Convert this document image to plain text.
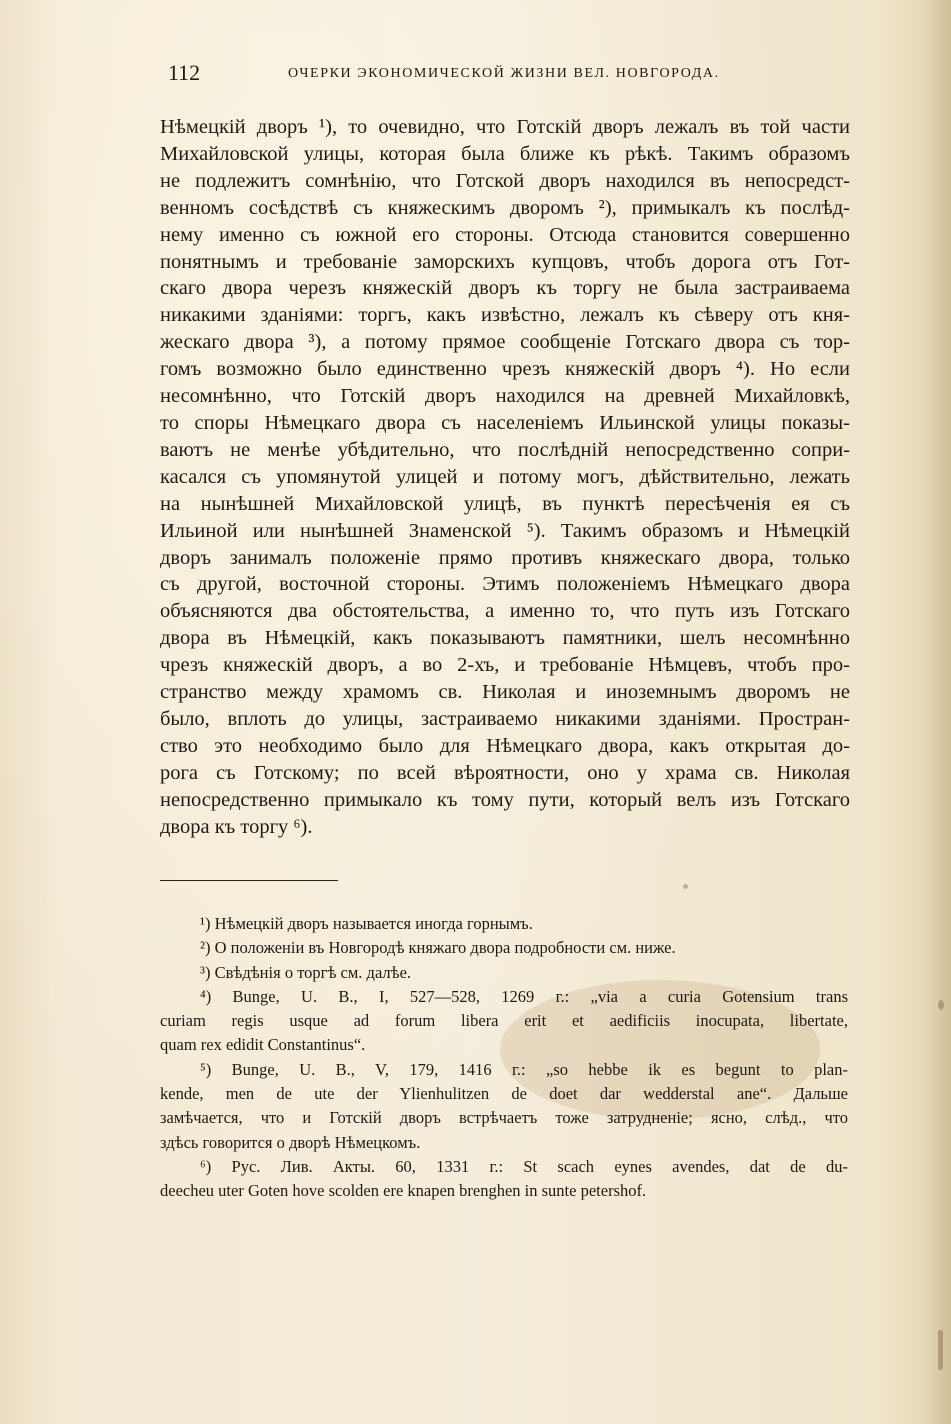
112	ОЧЕРКИ ЭКОНОМИЧЕСКОЙ ЖИЗНИ ВЕЛ. НОВГОРОДА.
Нѣмецкій дворъ ¹), то очевидно, что Готскій дворъ лежалъ въ той части
Михайловской улицы, которая была ближе къ рѣкѣ. Такимъ образомъ
не подлежитъ сомнѣнію, что Готской дворъ находился въ непосредст-
венномъ сосѣдствѣ съ княжескимъ дворомъ ²), примыкалъ къ послѣд-
нему именно съ южной его стороны. Отсюда становится совершенно
понятнымъ и требованіе заморскихъ купцовъ, чтобъ дорога отъ Гот-
скаго двора черезъ княжескій дворъ къ торгу не была застраиваема
никакими зданіями: торгъ, какъ извѣстно, лежалъ къ сѣверу отъ кня-
жескаго двора ³), а потому прямое сообщеніе Готскаго двора съ тор-
гомъ возможно было единственно чрезъ княжескій дворъ ⁴). Но если
несомнѣнно, что Готскій дворъ находился на древней Михайловкѣ,
то споры Нѣмецкаго двора съ населеніемъ Ильинской улицы показы-
ваютъ не менѣе убѣдительно, что послѣдній непосредственно сопри-
касался съ упомянутой улицей и потому могъ, дѣйствительно, лежать
на нынѣшней Михайловской улицѣ, въ пунктѣ пересѣченія ея съ
Ильиной или нынѣшней Знаменской ⁵). Такимъ образомъ и Нѣмецкій
дворъ занималъ положеніе прямо противъ княжескаго двора, только
съ другой, восточной стороны. Этимъ положеніемъ Нѣмецкаго двора
объясняются два обстоятельства, а именно то, что путь изъ Готскаго
двора въ Нѣмецкій, какъ показываютъ памятники, шелъ несомнѣнно
чрезъ княжескій дворъ, а во 2-хъ, и требованіе Нѣмцевъ, чтобъ про-
странство между храмомъ св. Николая и иноземнымъ дворомъ не
было, вплоть до улицы, застраиваемо никакими зданіями. Простран-
ство это необходимо было для Нѣмецкаго двора, какъ открытая до-
рога съ Готскому; по всей вѣроятности, оно у храма св. Николая
непосредственно примыкало къ тому пути, который велъ изъ Готскаго
двора къ торгу ⁶).
¹) Нѣмецкій дворъ называется иногда горнымъ.
²) О положеніи въ Новгородѣ княжаго двора подробности см. ниже.
³) Свѣдѣнія о торгѣ см. далѣе.
⁴) Bunge, U. B., I, 527—528, 1269 г.: „via a curia Gotensium trans
curiam regis usque ad forum libera erit et aedificiis inocupata, libertate,
quam rex edidit Constantinus“.
⁵) Bunge, U. B., V, 179, 1416 г.: „so hebbe ik es begunt to plan-
kende, men de ute der Ylienhulitzen de doet dar wedderstal ane“. Дальше
замѣчается, что и Готскій дворъ встрѣчаетъ тоже затрудненіе; ясно, слѣд., что
здѣсь говорится о дворѣ Нѣмецкомъ.
⁶) Рус. Лив. Акты. 60, 1331 г.: St scach eynes avendes, dat de du-
deecheu uter Goten hove scolden ere knapen brenghen in sunte petershof.
